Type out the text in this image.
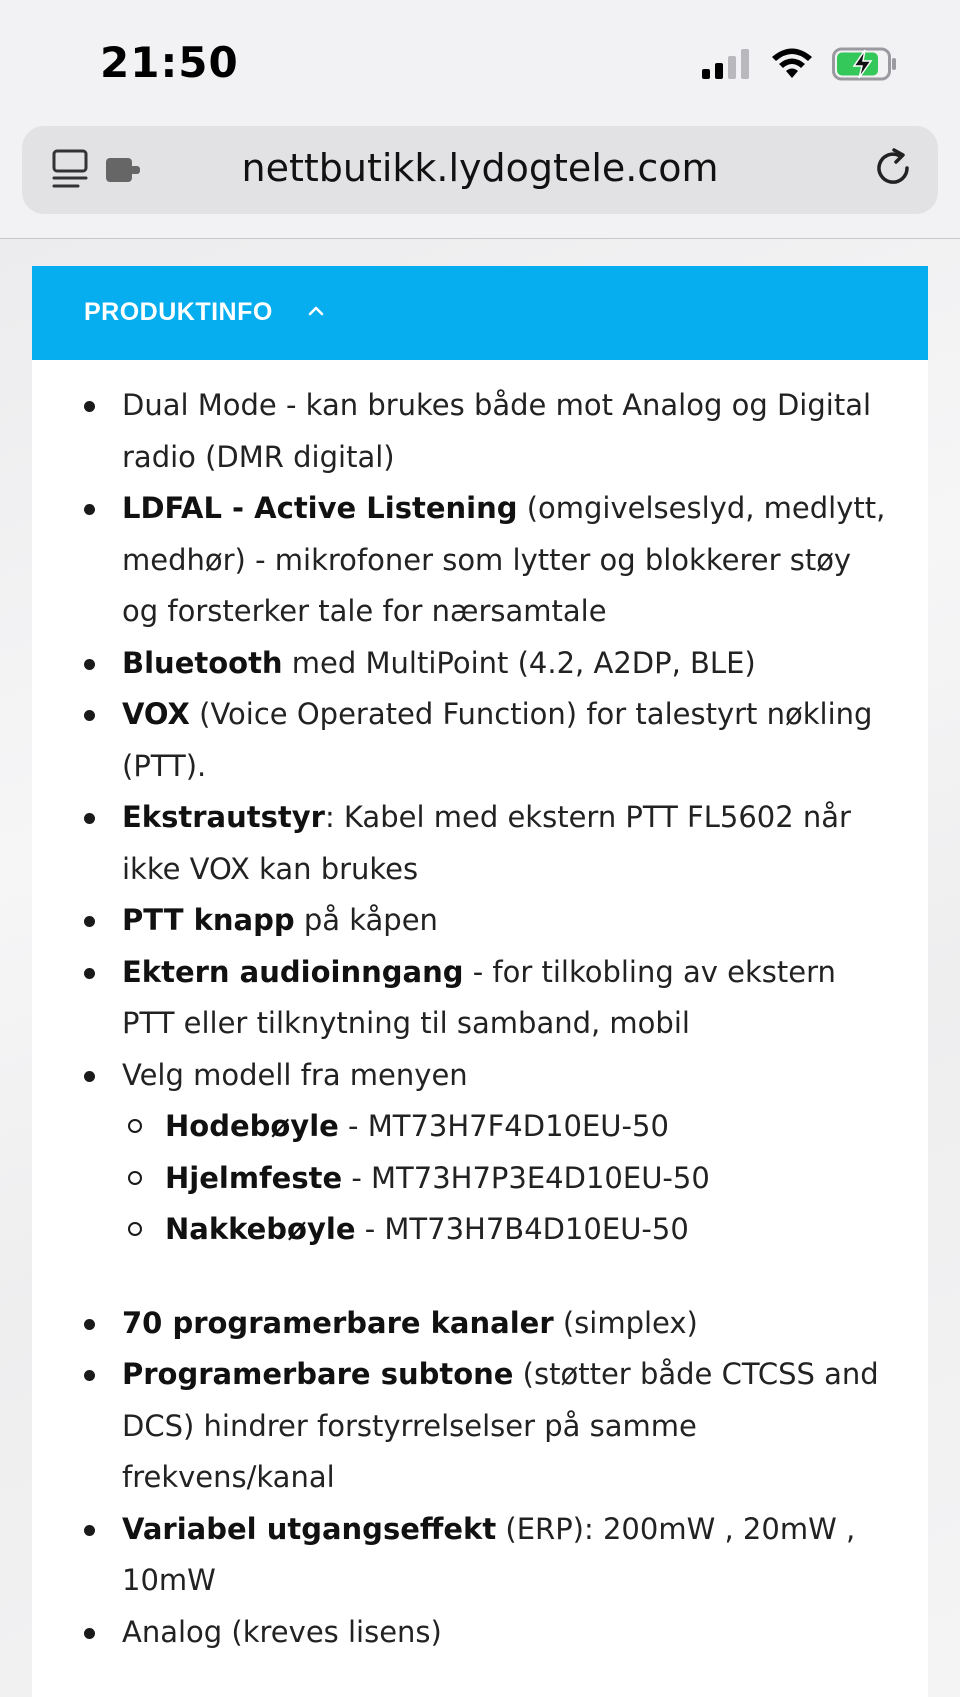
21:50
nettbutikk.lydogtele.com
PRODUKTINFO
Dual Mode - kan brukes både mot Analog og Digital radio (DMR digital)
LDFAL - Active Listening (omgivelseslyd, medlytt, medhør) - mikrofoner som lytter og blokkerer støy og forsterker tale for nærsamtale
Bluetooth med MultiPoint (4.2, A2DP, BLE)
VOX (Voice Operated Function) for talestyrt nøkling (PTT).
Ekstrautstyr: Kabel med ekstern PTT FL5602 når ikke VOX kan brukes
PTT knapp på kåpen
Ektern audioinngang - for tilkobling av ekstern PTT eller tilknytning til samband, mobil
Velg modell fra menyen
Hodebøyle - MT73H7F4D10EU-50
Hjelmfeste - MT73H7P3E4D10EU-50
Nakkebøyle - MT73H7B4D10EU-50
70 programerbare kanaler (simplex)
Programerbare subtone (støtter både CTCSS and DCS) hindrer forstyrrelselser på samme frekvens/kanal
Variabel utgangseffekt (ERP): 200mW , 20mW , 10mW
Analog (kreves lisens)
